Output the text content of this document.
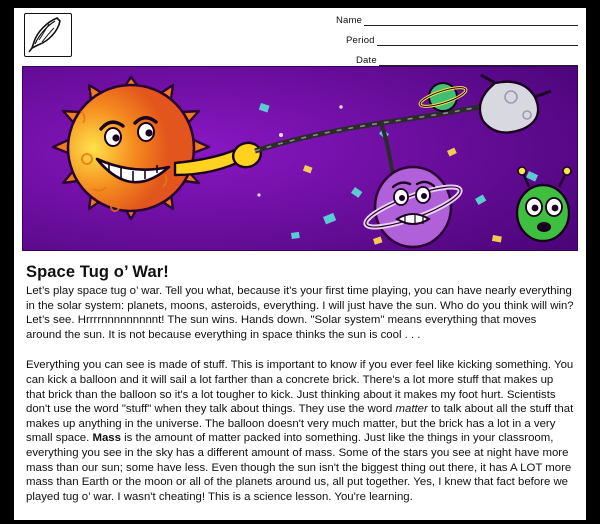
Name
Period
Date
Space Tug o’ War!

Let’s play space tug o’ war. Tell you what, because it's your first time playing, you can have nearly everything in the solar system: planets, moons, asteroids, everything. I will just have the sun. Who do you think will win? Let’s see. Hrrrrnnnnnnnnnt! The sun wins. Hands down. "Solar system" means everything that moves around the sun. It is not because everything in space thinks the sun is cool . . .

Everything you can see is made of stuff. This is important to know if you ever feel like kicking something. You can kick a balloon and it will sail a lot farther than a concrete brick. There's a lot more stuff that makes up that brick than the balloon so it's a lot tougher to kick. Just thinking about it makes my foot hurt. Scientists don't use the word "stuff" when they talk about things. They use the word matter to talk about all the stuff that makes up anything in the universe. The balloon doesn't very much matter, but the brick has a lot in a very small space. Mass is the amount of matter packed into something. Just like the things in your classroom, everything you see in the sky has a different amount of mass. Some of the stars you see at night have more mass than our sun; some have less. Even though the sun isn't the biggest thing out there, it has A LOT more mass than Earth or the moon or all of the planets around us, all put together. Yes, I knew that fact before we played tug o’ war. I wasn't cheating! This is a science lesson. You're learning.
